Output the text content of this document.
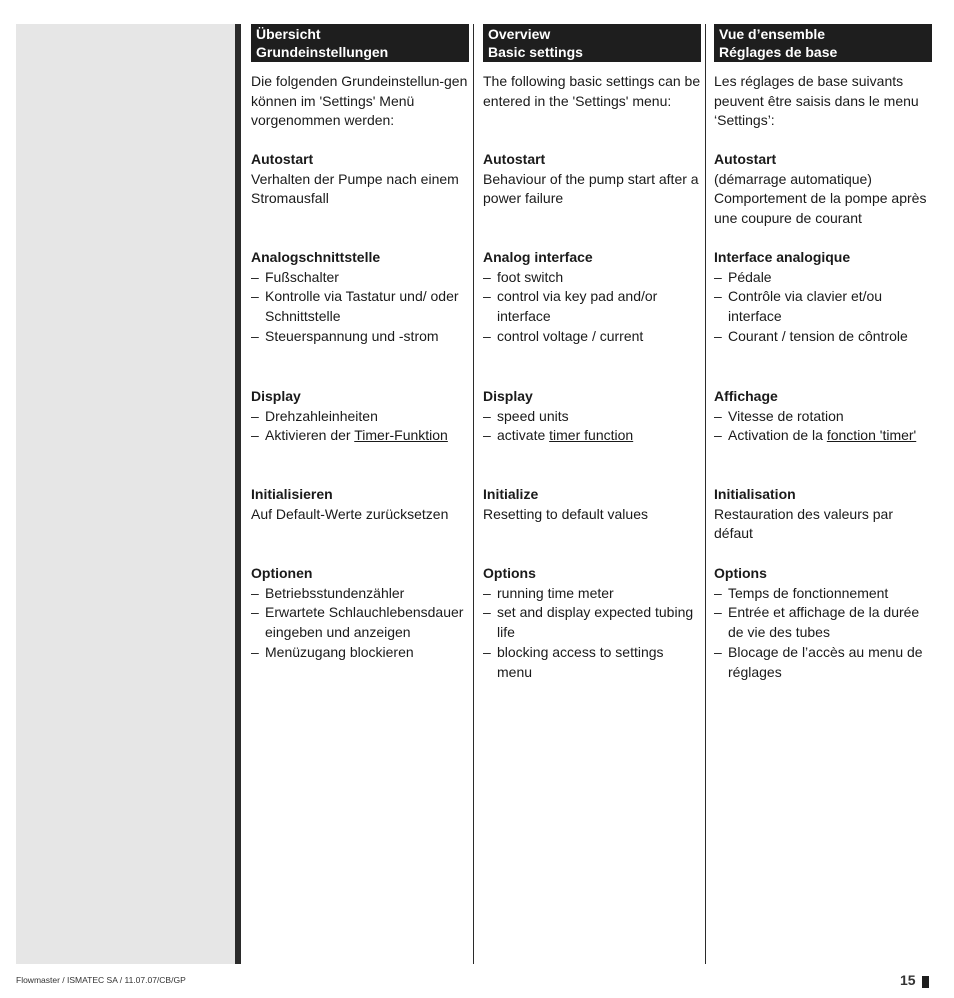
Übersicht
Grundeinstellungen
Die folgenden Grundeinstellun-gen können im 'Settings' Menü vorgenommen werden:
Autostart
Verhalten der Pumpe nach einem Stromausfall
Analogschnittstelle
– Fußschalter
– Kontrolle via Tastatur und/ oder Schnittstelle
– Steuerspannung und -strom
Display
– Drehzahleinheiten
– Aktivieren der Timer-Funktion
Initialisieren
Auf Default-Werte zurücksetzen
Optionen
– Betriebsstundenzähler
– Erwartete Schlauchlebensdauer eingeben und anzeigen
– Menüzugang blockieren
Overview
Basic settings
The following basic settings can be entered in the 'Settings' menu:
Autostart
Behaviour of the pump start after a power failure
Analog interface
– foot switch
– control via key pad and/or interface
– control voltage / current
Display
– speed units
– activate timer function
Initialize
Resetting to default values
Options
– running time meter
– set and display expected tubing life
– blocking access to settings menu
Vue d’ensemble
Réglages de base
Les réglages de base suivants peuvent être saisis dans le menu ‘Settings’:
Autostart
(démarrage automatique) Comportement de la pompe après une coupure de courant
Interface analogique
– Pédale
– Contrôle via clavier et/ou interface
– Courant / tension de côntrole
Affichage
– Vitesse de rotation
– Activation de la fonction 'timer'
Initialisation
Restauration des valeurs par défaut
Options
– Temps de fonctionnement
– Entrée et affichage de la durée de vie des tubes
– Blocage de l’accès au menu de réglages
Flowmaster / ISMATEC SA / 11.07.07/CB/GP	15
